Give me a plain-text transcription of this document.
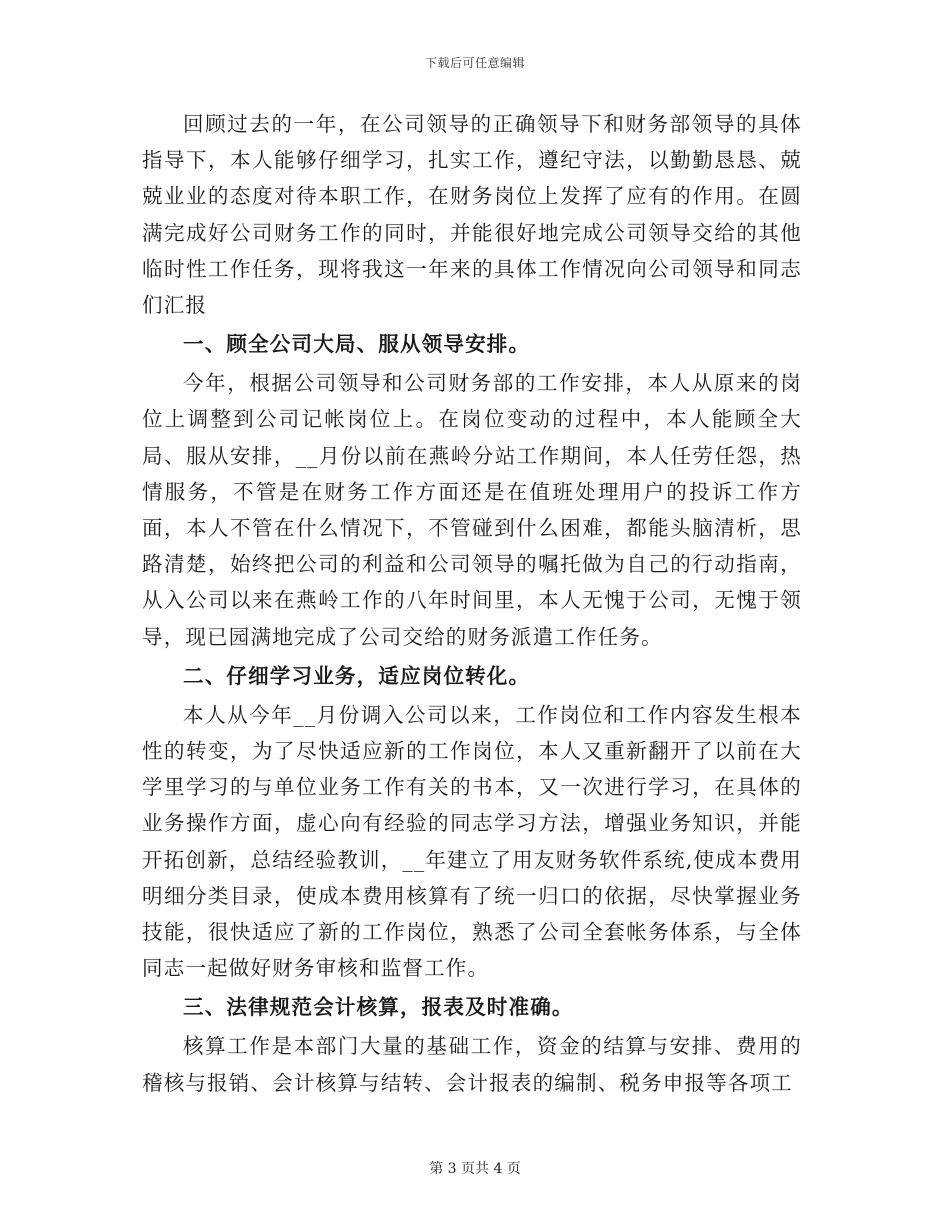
下载后可任意编辑

回顾过去的一年，在公司领导的正确领导下和财务部领导的具体指导下，本人能够仔细学习，扎实工作，遵纪守法，以勤勤恳恳、兢兢业业的态度对待本职工作，在财务岗位上发挥了应有的作用。在圆满完成好公司财务工作的同时，并能很好地完成公司领导交给的其他临时性工作任务，现将我这一年来的具体工作情况向公司领导和同志们汇报

一、顾全公司大局、服从领导安排。

今年，根据公司领导和公司财务部的工作安排，本人从原来的岗位上调整到公司记帐岗位上。在岗位变动的过程中，本人能顾全大局、服从安排，__月份以前在燕岭分站工作期间，本人任劳任怨，热情服务，不管是在财务工作方面还是在值班处理用户的投诉工作方面，本人不管在什么情况下，不管碰到什么困难，都能头脑清析，思路清楚，始终把公司的利益和公司领导的嘱托做为自己的行动指南，从入公司以来在燕岭工作的八年时间里，本人无愧于公司，无愧于领导，现已园满地完成了公司交给的财务派遣工作任务。

二、仔细学习业务，适应岗位转化。

本人从今年__月份调入公司以来，工作岗位和工作内容发生根本性的转变，为了尽快适应新的工作岗位，本人又重新翻开了以前在大学里学习的与单位业务工作有关的书本，又一次进行学习，在具体的业务操作方面，虚心向有经验的同志学习方法，增强业务知识，并能开拓创新，总结经验教训，__年建立了用友财务软件系统,使成本费用明细分类目录，使成本费用核算有了统一归口的依据，尽快掌握业务技能，很快适应了新的工作岗位，熟悉了公司全套帐务体系，与全体同志一起做好财务审核和监督工作。

三、法律规范会计核算，报表及时准确。

核算工作是本部门大量的基础工作，资金的结算与安排、费用的稽核与报销、会计核算与结转、会计报表的编制、税务申报等各项工

第 3 页共 4 页
